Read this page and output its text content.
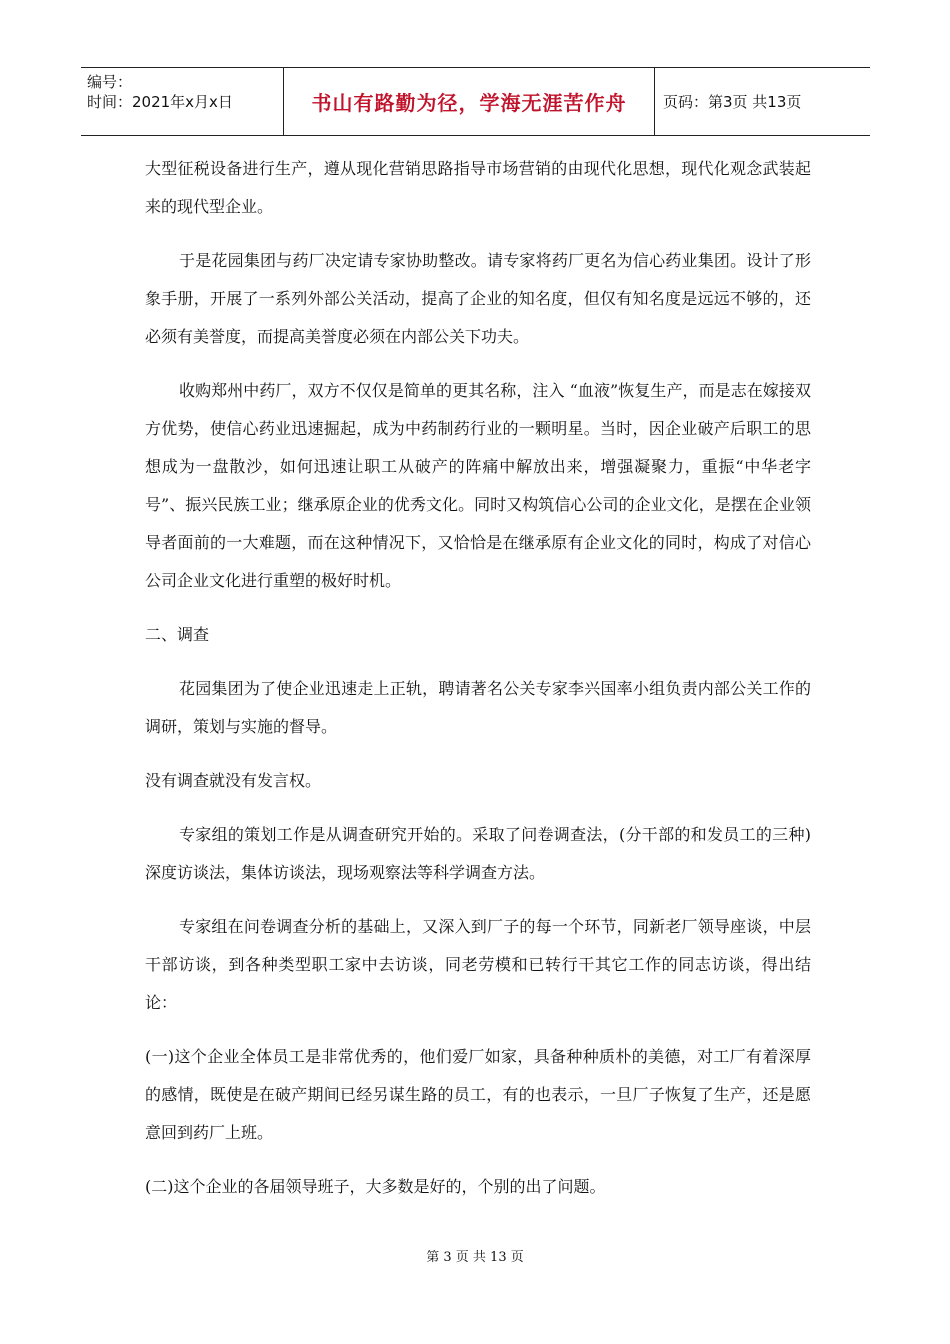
编号：
时间：2021年x月x日	书山有路勤为径，学海无涯苦作舟 页码：第3页 共13页

大型征税设备进行生产，遵从现化营销思路指导市场营销的由现代化思想，现代化观念武装起来的现代型企业。

于是花园集团与药厂决定请专家协助整改。请专家将药厂更名为信心药业集团。设计了形象手册，开展了一系列外部公关活动，提高了企业的知名度，但仅有知名度是远远不够的，还必须有美誉度，而提高美誉度必须在内部公关下功夫。

收购郑州中药厂，双方不仅仅是简单的更其名称，注入 “血液”恢复生产，而是志在嫁接双方优势，使信心药业迅速掘起，成为中药制药行业的一颗明星。当时，因企业破产后职工的思想成为一盘散沙，如何迅速让职工从破产的阵痛中解放出来，增强凝聚力，重振“中华老字号”、振兴民族工业；继承原企业的优秀文化。同时又构筑信心公司的企业文化，是摆在企业领导者面前的一大难题，而在这种情况下，又恰恰是在继承原有企业文化的同时，构成了对信心公司企业文化进行重塑的极好时机。

二、调查

花园集团为了使企业迅速走上正轨，聘请著名公关专家李兴国率小组负责内部公关工作的调研，策划与实施的督导。

没有调查就没有发言权。

专家组的策划工作是从调查研究开始的。采取了问卷调查法，(分干部的和发员工的三种)深度访谈法，集体访谈法，现场观察法等科学调查方法。

专家组在问卷调查分析的基础上，又深入到厂子的每一个环节，同新老厂领导座谈，中层干部访谈，到各种类型职工家中去访谈，同老劳模和已转行干其它工作的同志访谈，得出结论：

(一)这个企业全体员工是非常优秀的，他们爱厂如家，具备种种质朴的美德，对工厂有着深厚的感情，既使是在破产期间已经另谋生路的员工，有的也表示，一旦厂子恢复了生产，还是愿意回到药厂上班。

(二)这个企业的各届领导班子，大多数是好的，个别的出了问题。

第 3 页 共 13 页
